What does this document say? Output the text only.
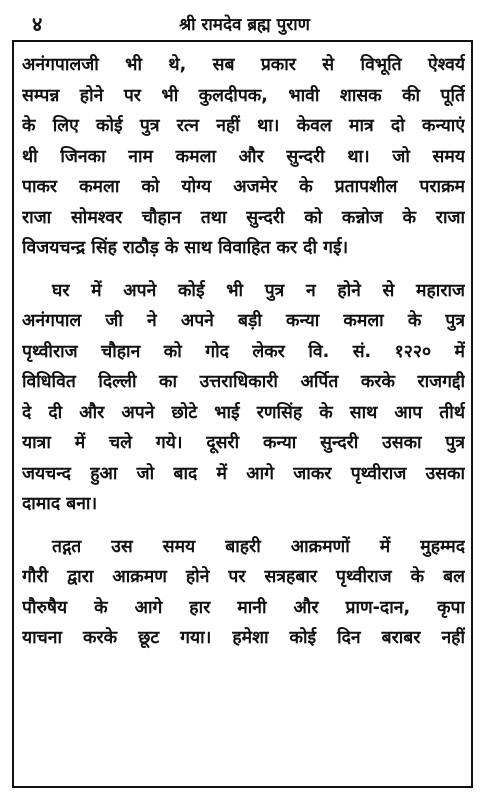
४	श्री रामदेव ब्रह्म पुराण
अनंगपालजी भी थे, सब प्रकार से विभूति ऐश्वर्य
सम्पन्न होने पर भी कुलदीपक, भावी शासक की पूर्ति
के लिए कोई पुत्र रत्न नहीं था। केवल मात्र दो कन्याएं
थी जिनका नाम कमला और सुन्दरी था। जो समय
पाकर कमला को योग्य अजमेर के प्रतापशील पराक्रम
राजा सोमश्वर चौहान तथा सुन्दरी को कन्नोज के राजा
विजयचन्द्र सिंह राठौड़ के साथ विवाहित कर दी गई।
घर में अपने कोई भी पुत्र न होने से महाराज
अनंगपाल जी ने अपने बड़ी कन्या कमला के पुत्र
पृथ्वीराज चौहान को गोद लेकर वि. सं. १२२० में
विधिवित दिल्ली का उत्तराधिकारी अर्पित करके राजगद्दी
दे दी और अपने छोटे भाई रणसिंह के साथ आप तीर्थ
यात्रा में चले गये। दूसरी कन्या सुन्दरी उसका पुत्र
जयचन्द हुआ जो बाद में आगे जाकर पृथ्वीराज उसका
दामाद बना।
तद्गत उस समय बाहरी आक्रमणों में मुहम्मद
गौरी द्वारा आक्रमण होने पर सत्रहबार पृथ्वीराज के बल
पौरुषैय के आगे हार मानी और प्राण-दान, कृपा
याचना करके छूट गया। हमेशा कोई दिन बराबर नहीं
